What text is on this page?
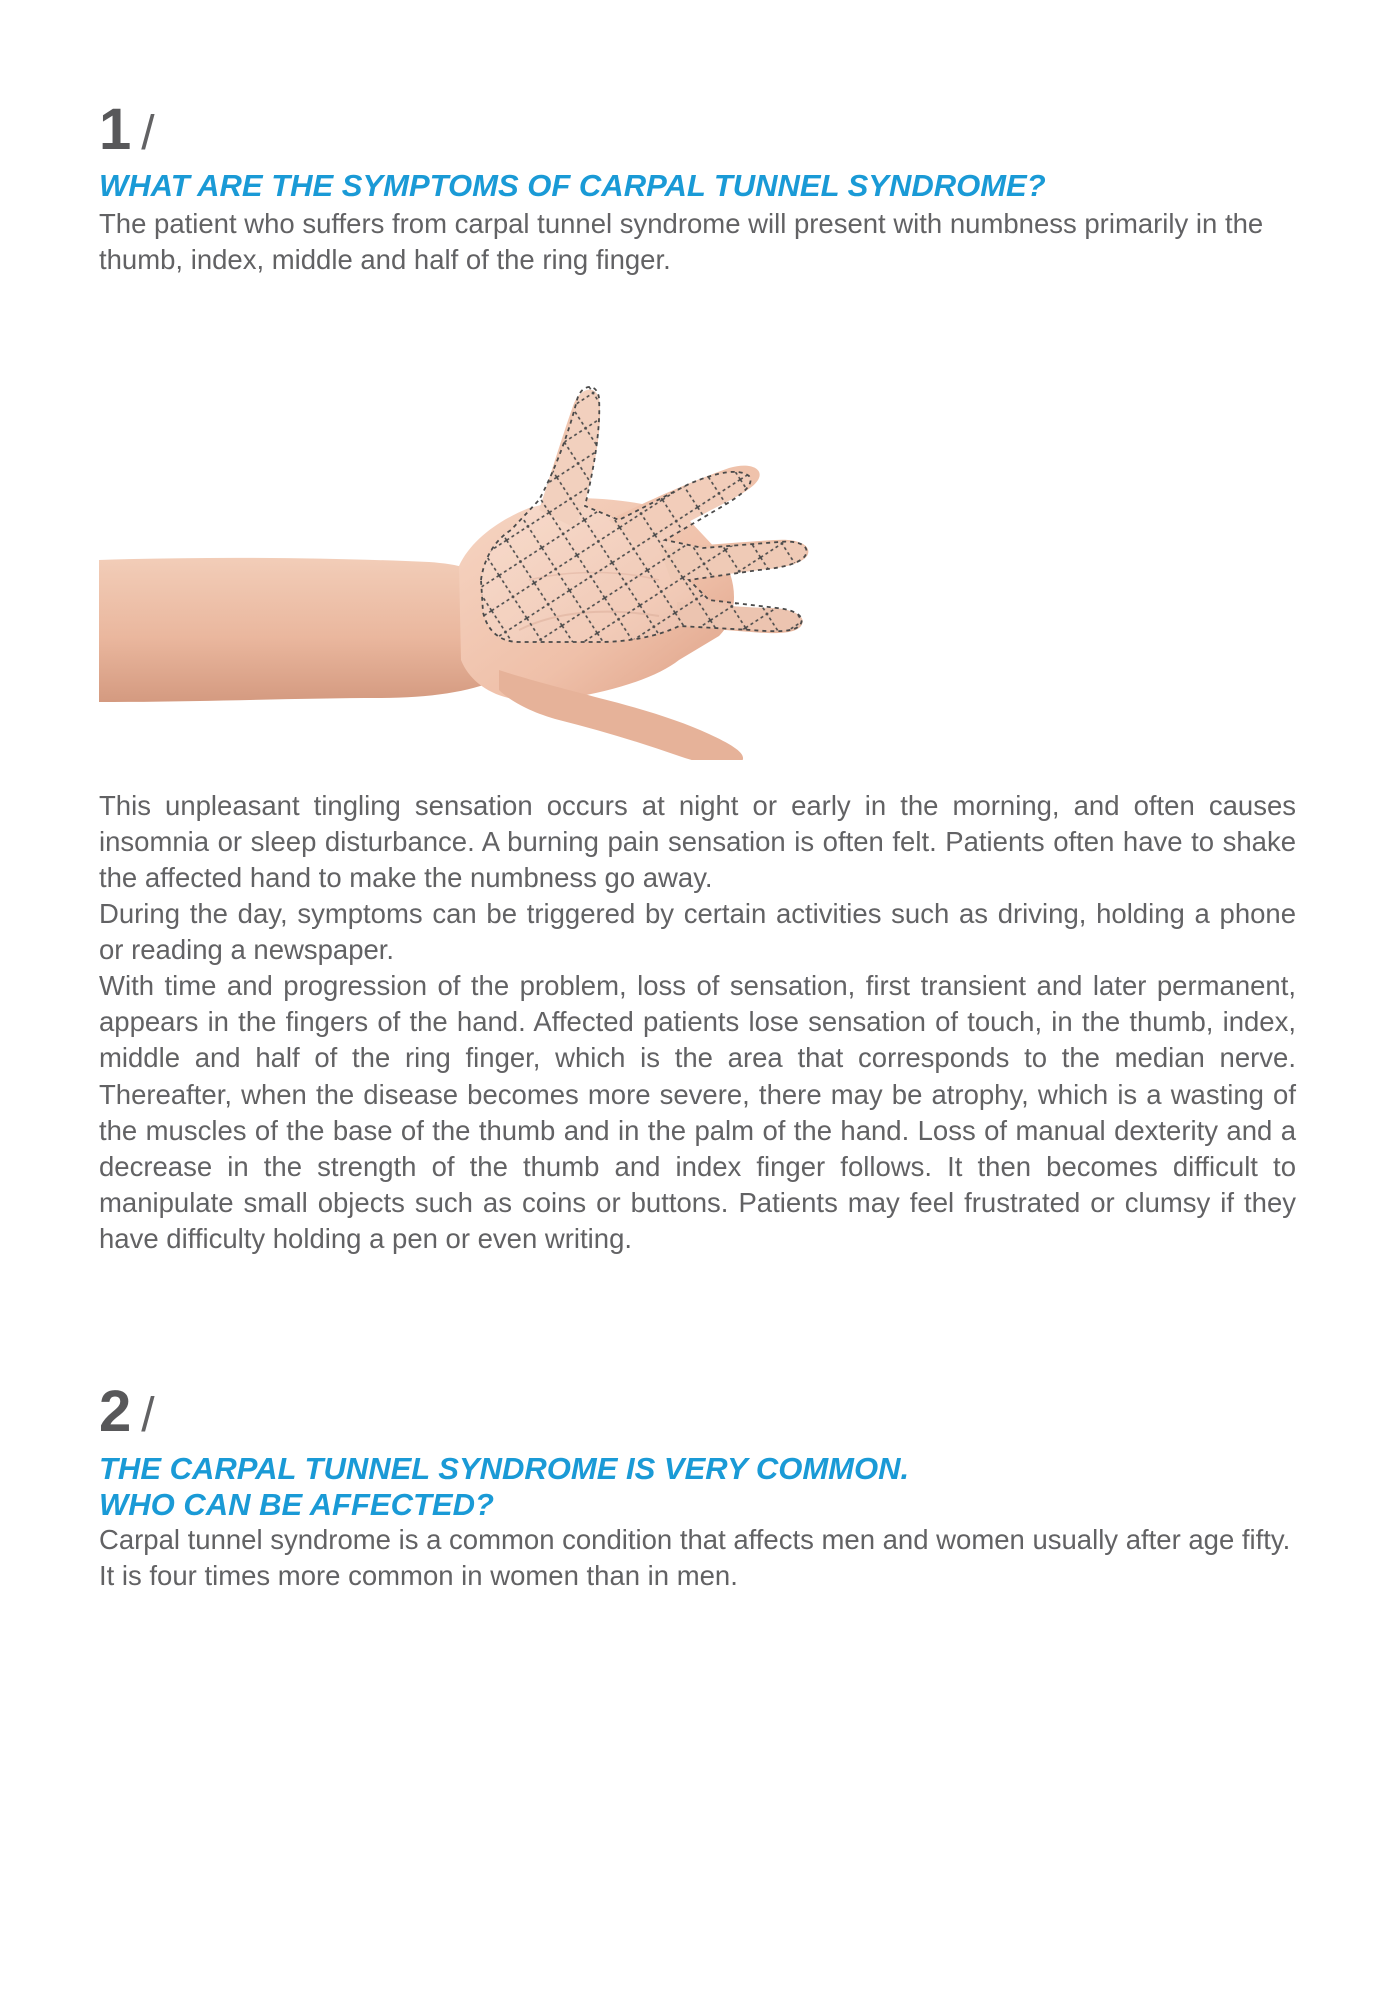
1 /
WHAT ARE THE SYMPTOMS OF CARPAL TUNNEL SYNDROME?

The patient who suffers from carpal tunnel syndrome will present with numbness primarily in the thumb, index, middle and half of the ring finger.

This unpleasant tingling sensation occurs at night or early in the morning, and often causes insomnia or sleep disturbance. A burning pain sensation is often felt. Patients often have to shake the affected hand to make the numbness go away.

During the day, symptoms can be triggered by certain activities such as driving, holding a phone or reading a newspaper.

With time and progression of the problem, loss of sensation, first transient and later permanent, appears in the fingers of the hand. Affected patients lose sensation of touch, in the thumb, index, middle and half of the ring finger, which is the area that corresponds to the median nerve. Thereafter, when the disease becomes more severe, there may be atrophy, which is a wasting of the muscles of the base of the thumb and in the palm of the hand. Loss of manual dexterity and a decrease in the strength of the thumb and index finger follows. It then becomes difficult to manipulate small objects such as coins or buttons. Patients may feel frustrated or clumsy if they have difficulty holding a pen or even writing.

2 /
THE CARPAL TUNNEL SYNDROME IS VERY COMMON.
WHO CAN BE AFFECTED?

Carpal tunnel syndrome is a common condition that affects men and women usually after age fifty. It is four times more common in women than in men.
